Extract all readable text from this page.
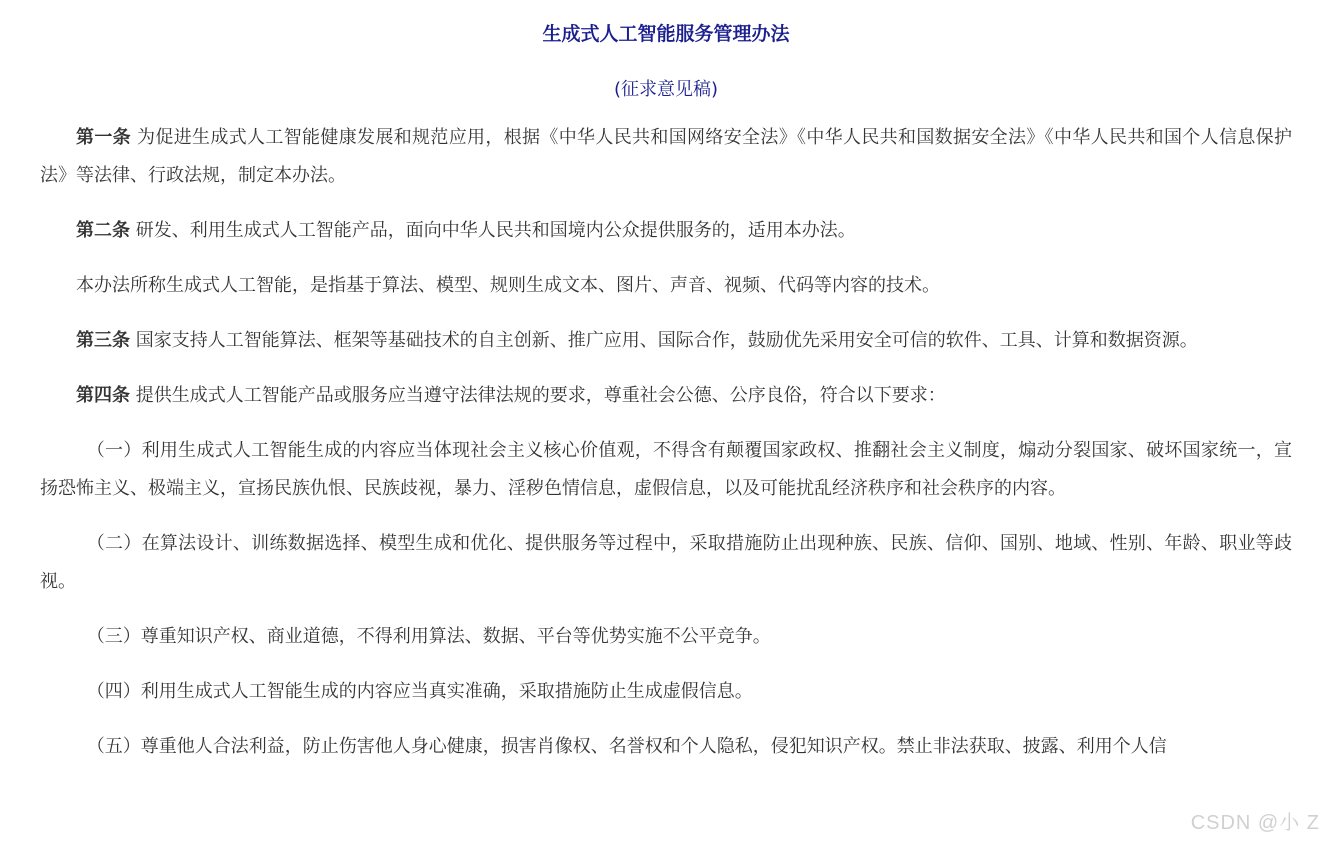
生成式人工智能服务管理办法
(征求意见稿)

第一条 为促进生成式人工智能健康发展和规范应用，根据《中华人民共和国网络安全法》《中华人民共和国数据安全法》《中华人民共和国个人信息保护法》等法律、行政法规，制定本办法。

第二条 研发、利用生成式人工智能产品，面向中华人民共和国境内公众提供服务的，适用本办法。

本办法所称生成式人工智能，是指基于算法、模型、规则生成文本、图片、声音、视频、代码等内容的技术。

第三条 国家支持人工智能算法、框架等基础技术的自主创新、推广应用、国际合作，鼓励优先采用安全可信的软件、工具、计算和数据资源。

第四条 提供生成式人工智能产品或服务应当遵守法律法规的要求，尊重社会公德、公序良俗，符合以下要求：

（一）利用生成式人工智能生成的内容应当体现社会主义核心价值观，不得含有颠覆国家政权、推翻社会主义制度，煽动分裂国家、破坏国家统一，宣扬恐怖主义、极端主义，宣扬民族仇恨、民族歧视，暴力、淫秽色情信息，虚假信息，以及可能扰乱经济秩序和社会秩序的内容。

（二）在算法设计、训练数据选择、模型生成和优化、提供服务等过程中，采取措施防止出现种族、民族、信仰、国别、地域、性别、年龄、职业等歧视。

（三）尊重知识产权、商业道德，不得利用算法、数据、平台等优势实施不公平竞争。

（四）利用生成式人工智能生成的内容应当真实准确，采取措施防止生成虚假信息。

（五）尊重他人合法利益，防止伤害他人身心健康，损害肖像权、名誉权和个人隐私，侵犯知识产权。禁止非法获取、披露、利用个人信

CSDN @小 Z
